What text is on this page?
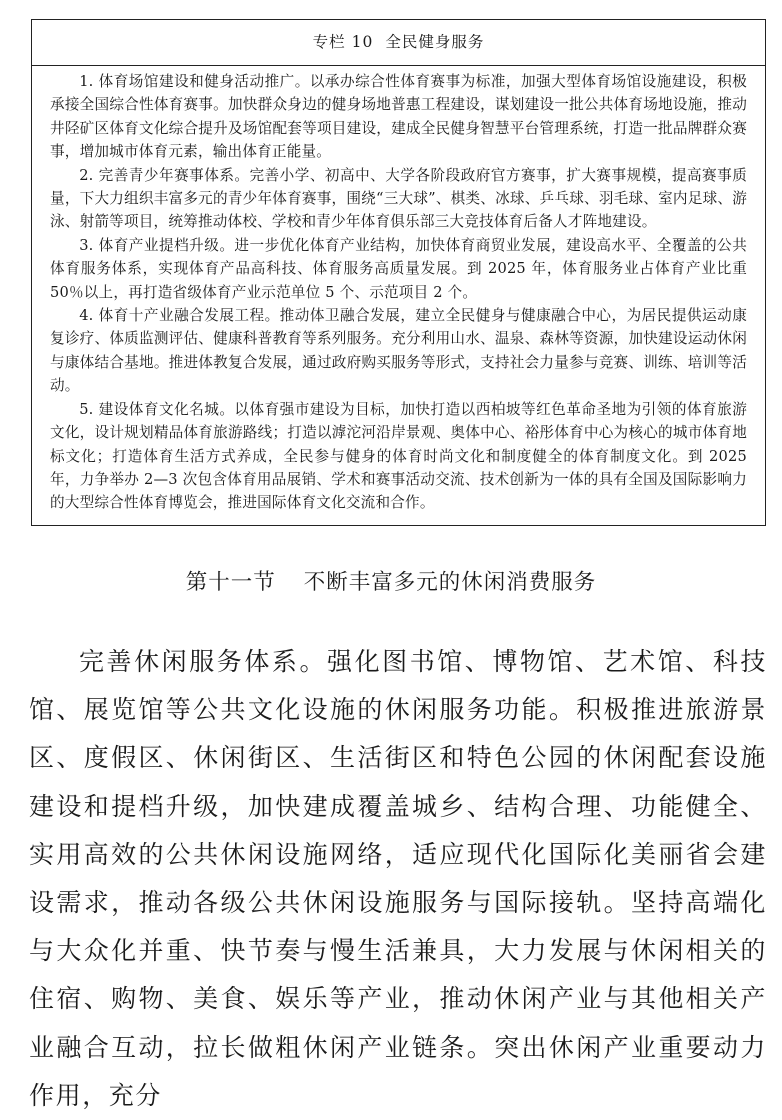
专栏 10 全民健身服务

1. 体育场馆建设和健身活动推广。以承办综合性体育赛事为标准，加强大型体育场馆设施建设，积极承接全国综合性体育赛事。加快群众身边的健身场地普惠工程建设，谋划建设一批公共体育场地设施，推动井陉矿区体育文化综合提升及场馆配套等项目建设，建成全民健身智慧平台管理系统，打造一批品牌群众赛事，增加城市体育元素，输出体育正能量。

2. 完善青少年赛事体系。完善小学、初高中、大学各阶段政府官方赛事，扩大赛事规模，提高赛事质量，下大力组织丰富多元的青少年体育赛事，围绕“三大球”、棋类、冰球、乒乓球、羽毛球、室内足球、游泳、射箭等项目，统筹推动体校、学校和青少年体育俱乐部三大竞技体育后备人才阵地建设。

3. 体育产业提档升级。进一步优化体育产业结构，加快体育商贸业发展，建设高水平、全覆盖的公共体育服务体系，实现体育产品高科技、体育服务高质量发展。到 2025 年，体育服务业占体育产业比重 50％以上，再打造省级体育产业示范单位 5 个、示范项目 2 个。

4. 体育十产业融合发展工程。推动体卫融合发展，建立全民健身与健康融合中心，为居民提供运动康复诊疗、体质监测评估、健康科普教育等系列服务。充分利用山水、温泉、森林等资源，加快建设运动休闲与康体结合基地。推进体教复合发展，通过政府购买服务等形式，支持社会力量参与竞赛、训练、培训等活动。

5. 建设体育文化名城。以体育强市建设为目标，加快打造以西柏坡等红色革命圣地为引领的体育旅游文化，设计规划精品体育旅游路线；打造以滹沱河沿岸景观、奥体中心、裕彤体育中心为核心的城市体育地标文化；打造体育生活方式养成，全民参与健身的体育时尚文化和制度健全的体育制度文化。到 2025 年，力争举办 2—3 次包含体育用品展销、学术和赛事活动交流、技术创新为一体的具有全国及国际影响力的大型综合性体育博览会，推进国际体育文化交流和合作。

第十一节 不断丰富多元的休闲消费服务

完善休闲服务体系。强化图书馆、博物馆、艺术馆、科技馆、展览馆等公共文化设施的休闲服务功能。积极推进旅游景区、度假区、休闲街区、生活街区和特色公园的休闲配套设施建设和提档升级，加快建成覆盖城乡、结构合理、功能健全、实用高效的公共休闲设施网络，适应现代化国际化美丽省会建设需求，推动各级公共休闲设施服务与国际接轨。坚持高端化与大众化并重、快节奏与慢生活兼具，大力发展与休闲相关的住宿、购物、美食、娱乐等产业，推动休闲产业与其他相关产业融合互动，拉长做粗休闲产业链条。突出休闲产业重要动力作用，充分
